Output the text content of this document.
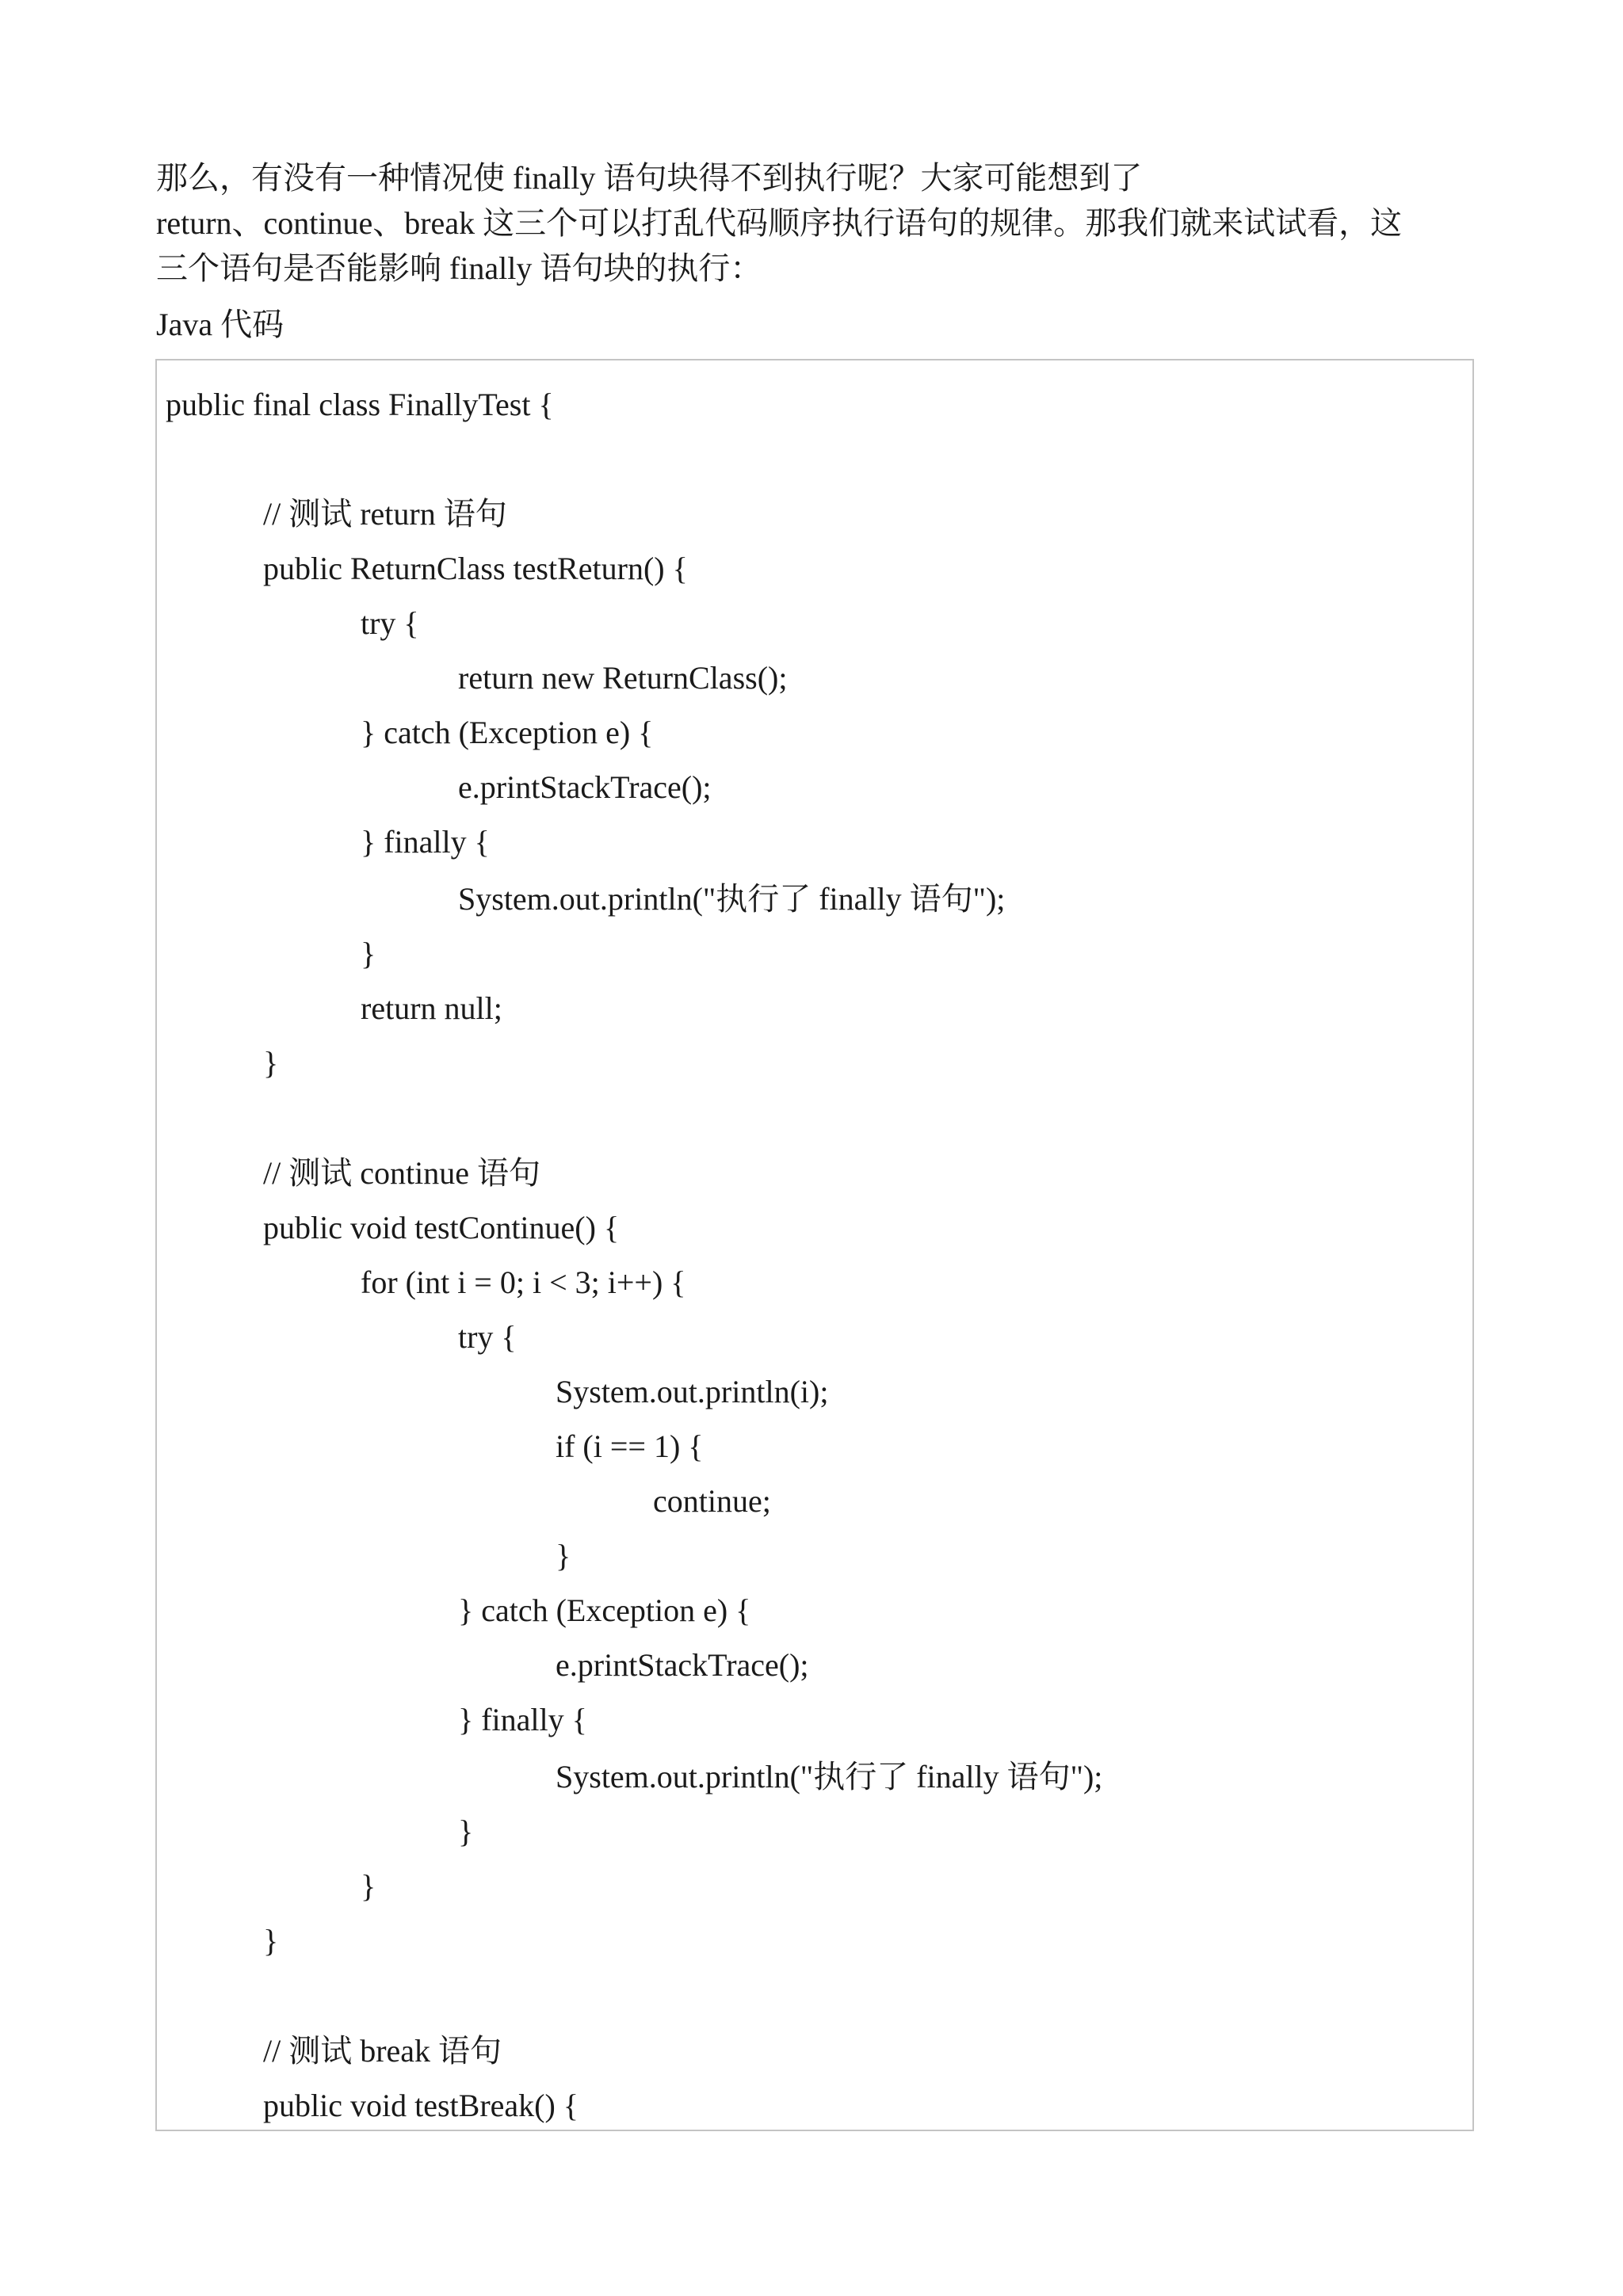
那么，有没有一种情况使 finally 语句块得不到执行呢？大家可能想到了
return、continue、break 这三个可以打乱代码顺序执行语句的规律。那我们就来试试看，这
三个语句是否能影响 finally 语句块的执行：
Java 代码
public final class FinallyTest {
// 测试 return 语句
public ReturnClass testReturn() {
try {
return new ReturnClass();
} catch (Exception e) {
e.printStackTrace();
} finally {
System.out.println("执行了 finally 语句");
}
return null;
}
// 测试 continue 语句
public void testContinue() {
for (int i = 0; i < 3; i++) {
try {
System.out.println(i);
if (i == 1) {
continue;
}
} catch (Exception e) {
e.printStackTrace();
} finally {
System.out.println("执行了 finally 语句");
}
}
}
// 测试 break 语句
public void testBreak() {
